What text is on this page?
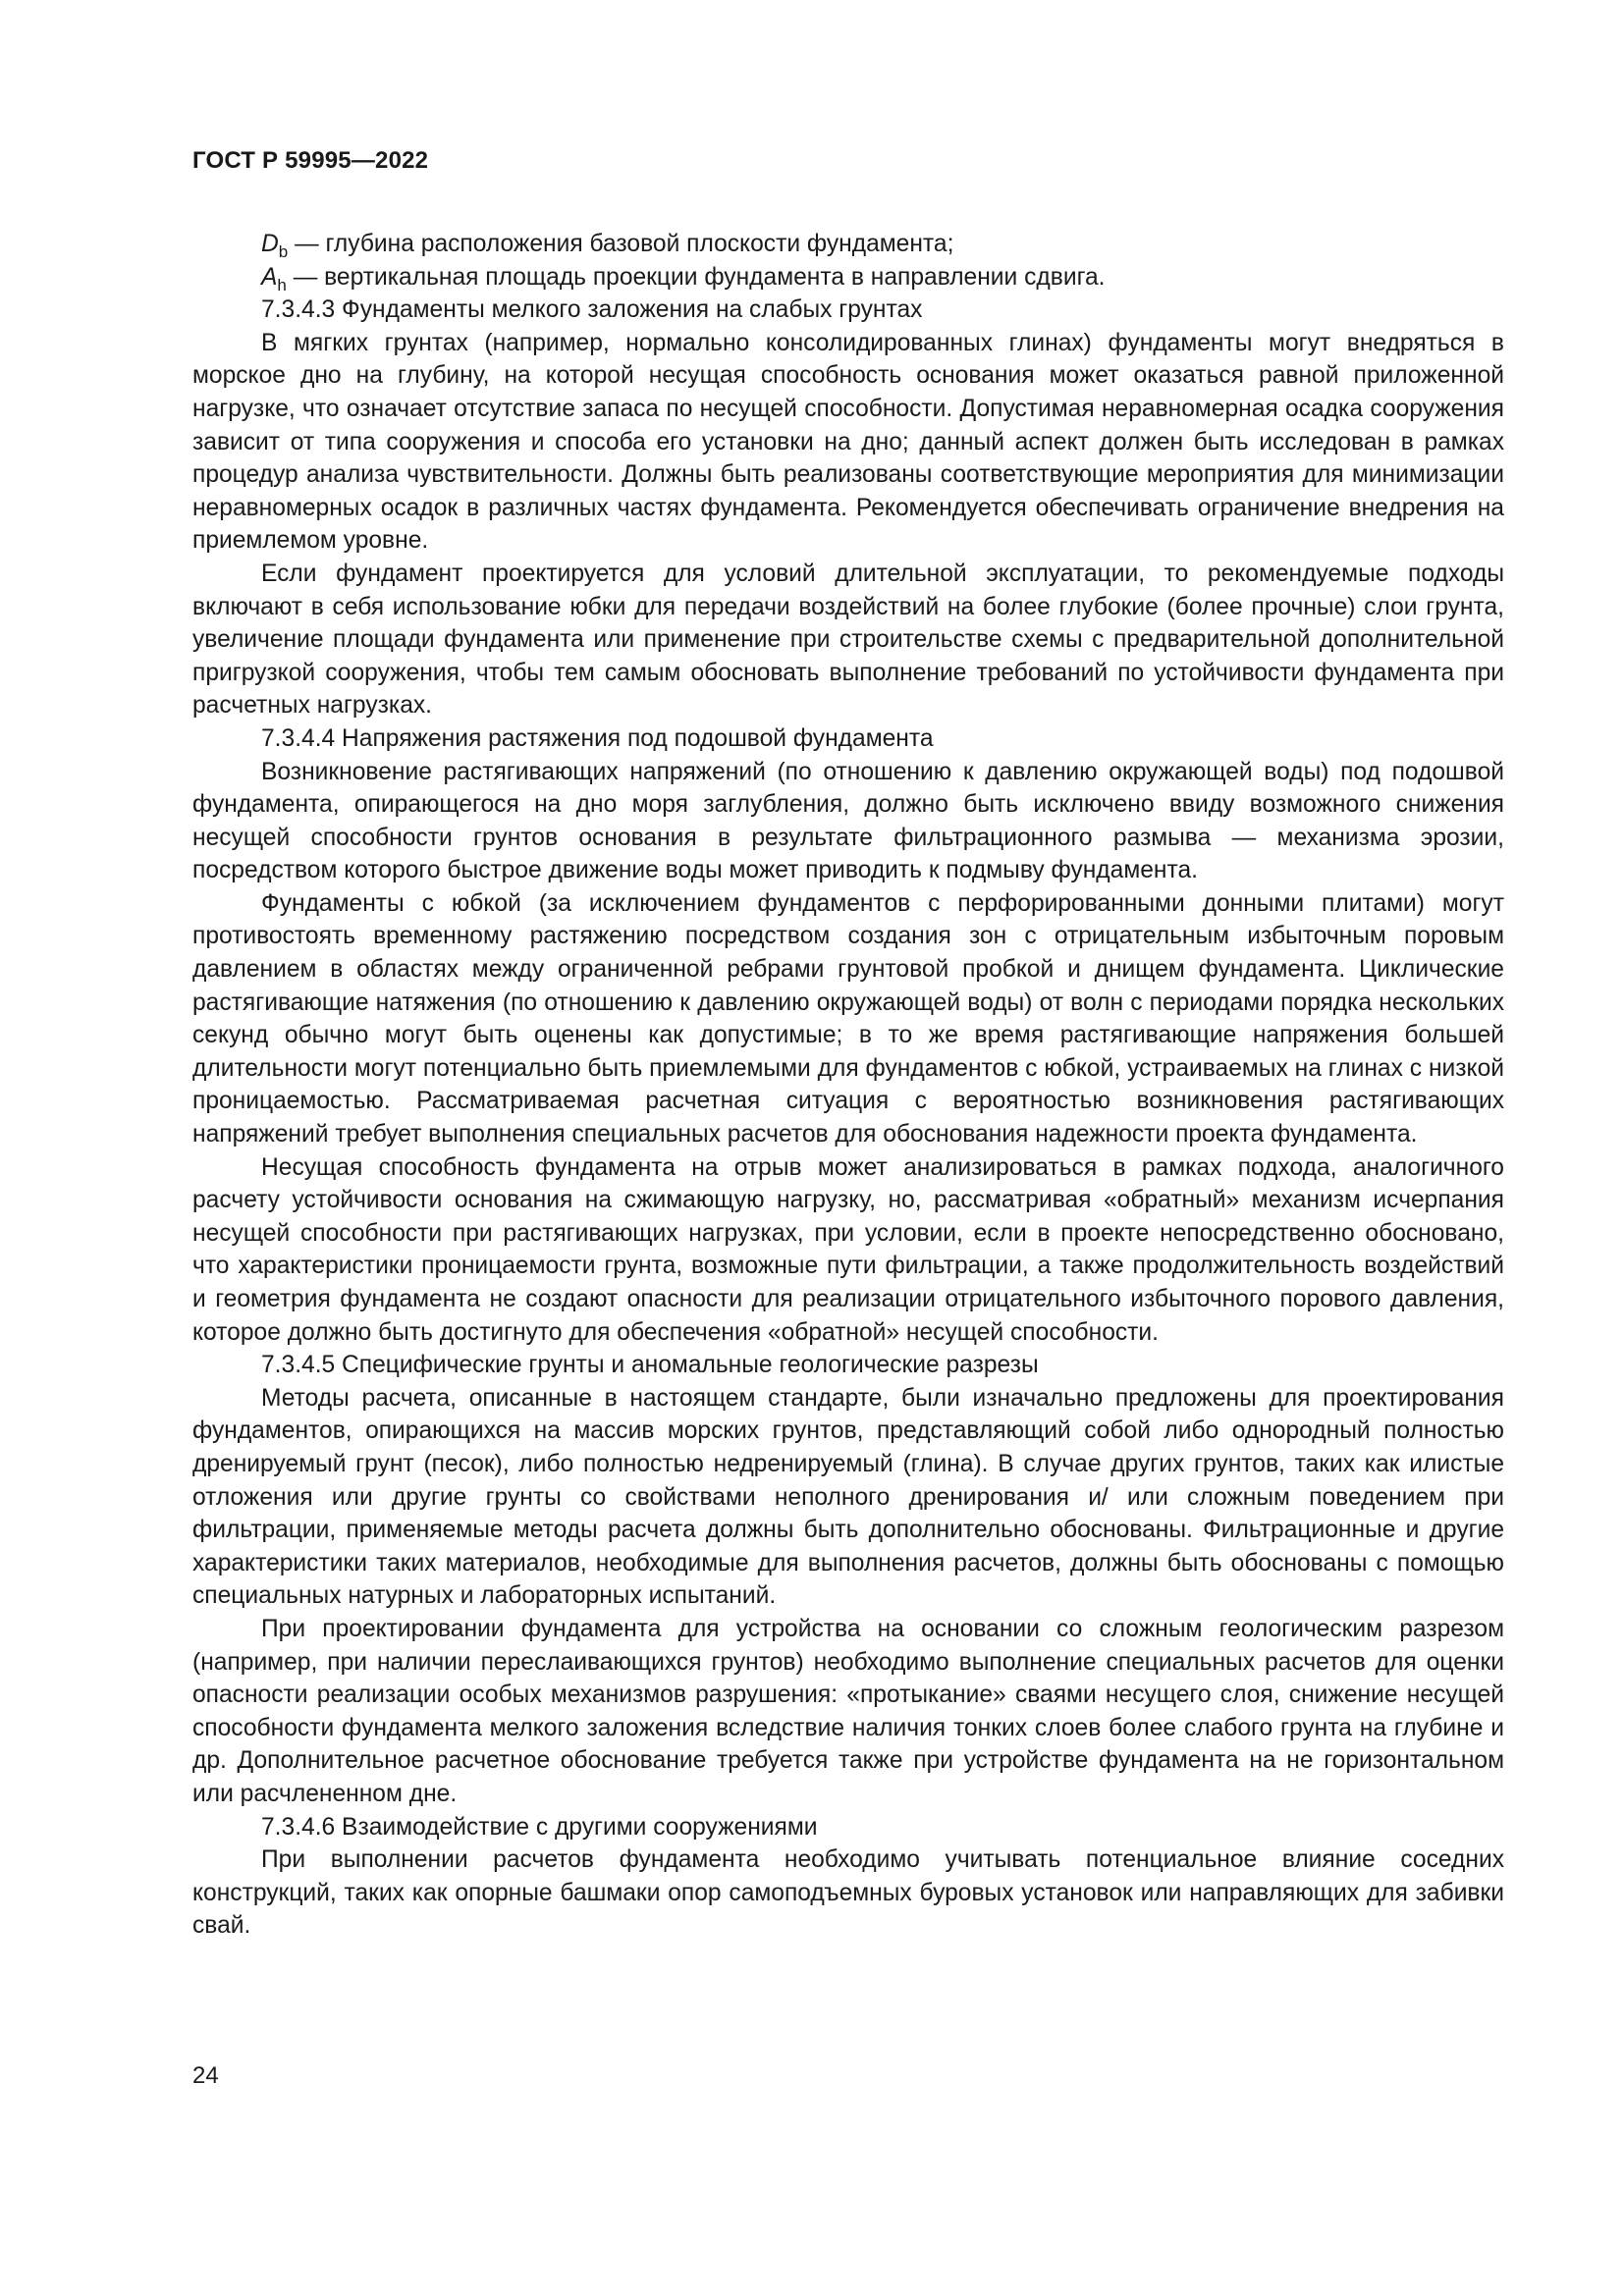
ГОСТ Р 59995—2022

$D_b$ — глубина расположения базовой плоскости фундамента;

$A_h$ — вертикальная площадь проекции фундамента в направлении сдвига.

7.3.4.3 Фундаменты мелкого заложения на слабых грунтах

В мягких грунтах (например, нормально консолидированных глинах) фундаменты могут внедряться в морское дно на глубину, на которой несущая способность основания может оказаться равной приложенной нагрузке, что означает отсутствие запаса по несущей способности. Допустимая неравномерная осадка сооружения зависит от типа сооружения и способа его установки на дно; данный аспект должен быть исследован в рамках процедур анализа чувствительности. Должны быть реализованы соответствующие мероприятия для минимизации неравномерных осадок в различных частях фундамента. Рекомендуется обеспечивать ограничение внедрения на приемлемом уровне.

Если фундамент проектируется для условий длительной эксплуатации, то рекомендуемые подходы включают в себя использование юбки для передачи воздействий на более глубокие (более прочные) слои грунта, увеличение площади фундамента или применение при строительстве схемы с предварительной дополнительной пригрузкой сооружения, чтобы тем самым обосновать выполнение требований по устойчивости фундамента при расчетных нагрузках.

7.3.4.4 Напряжения растяжения под подошвой фундамента

Возникновение растягивающих напряжений (по отношению к давлению окружающей воды) под подошвой фундамента, опирающегося на дно моря заглубления, должно быть исключено ввиду возможного снижения несущей способности грунтов основания в результате фильтрационного размыва — механизма эрозии, посредством которого быстрое движение воды может приводить к подмыву фундамента.

Фундаменты с юбкой (за исключением фундаментов с перфорированными донными плитами) могут противостоять временному растяжению посредством создания зон с отрицательным избыточным поровым давлением в областях между ограниченной ребрами грунтовой пробкой и днищем фундамента. Циклические растягивающие натяжения (по отношению к давлению окружающей воды) от волн с периодами порядка нескольких секунд обычно могут быть оценены как допустимые; в то же время растягивающие напряжения большей длительности могут потенциально быть приемлемыми для фундаментов с юбкой, устраиваемых на глинах с низкой проницаемостью. Рассматриваемая расчетная ситуация с вероятностью возникновения растягивающих напряжений требует выполнения специальных расчетов для обоснования надежности проекта фундамента.

Несущая способность фундамента на отрыв может анализироваться в рамках подхода, аналогичного расчету устойчивости основания на сжимающую нагрузку, но, рассматривая «обратный» механизм исчерпания несущей способности при растягивающих нагрузках, при условии, если в проекте непосредственно обосновано, что характеристики проницаемости грунта, возможные пути фильтрации, а также продолжительность воздействий и геометрия фундамента не создают опасности для реализации отрицательного избыточного порового давления, которое должно быть достигнуто для обеспечения «обратной» несущей способности.

7.3.4.5 Специфические грунты и аномальные геологические разрезы

Методы расчета, описанные в настоящем стандарте, были изначально предложены для проектирования фундаментов, опирающихся на массив морских грунтов, представляющий собой либо однородный полностью дренируемый грунт (песок), либо полностью недренируемый (глина). В случае других грунтов, таких как илистые отложения или другие грунты со свойствами неполного дренирования и/ или сложным поведением при фильтрации, применяемые методы расчета должны быть дополнительно обоснованы. Фильтрационные и другие характеристики таких материалов, необходимые для выполнения расчетов, должны быть обоснованы с помощью специальных натурных и лабораторных испытаний.

При проектировании фундамента для устройства на основании со сложным геологическим разрезом (например, при наличии переслаивающихся грунтов) необходимо выполнение специальных расчетов для оценки опасности реализации особых механизмов разрушения: «протыкание» сваями несущего слоя, снижение несущей способности фундамента мелкого заложения вследствие наличия тонких слоев более слабого грунта на глубине и др. Дополнительное расчетное обоснование требуется также при устройстве фундамента на не горизонтальном или расчлененном дне.

7.3.4.6 Взаимодействие с другими сооружениями

При выполнении расчетов фундамента необходимо учитывать потенциальное влияние соседних конструкций, таких как опорные башмаки опор самоподъемных буровых установок или направляющих для забивки свай.

24
